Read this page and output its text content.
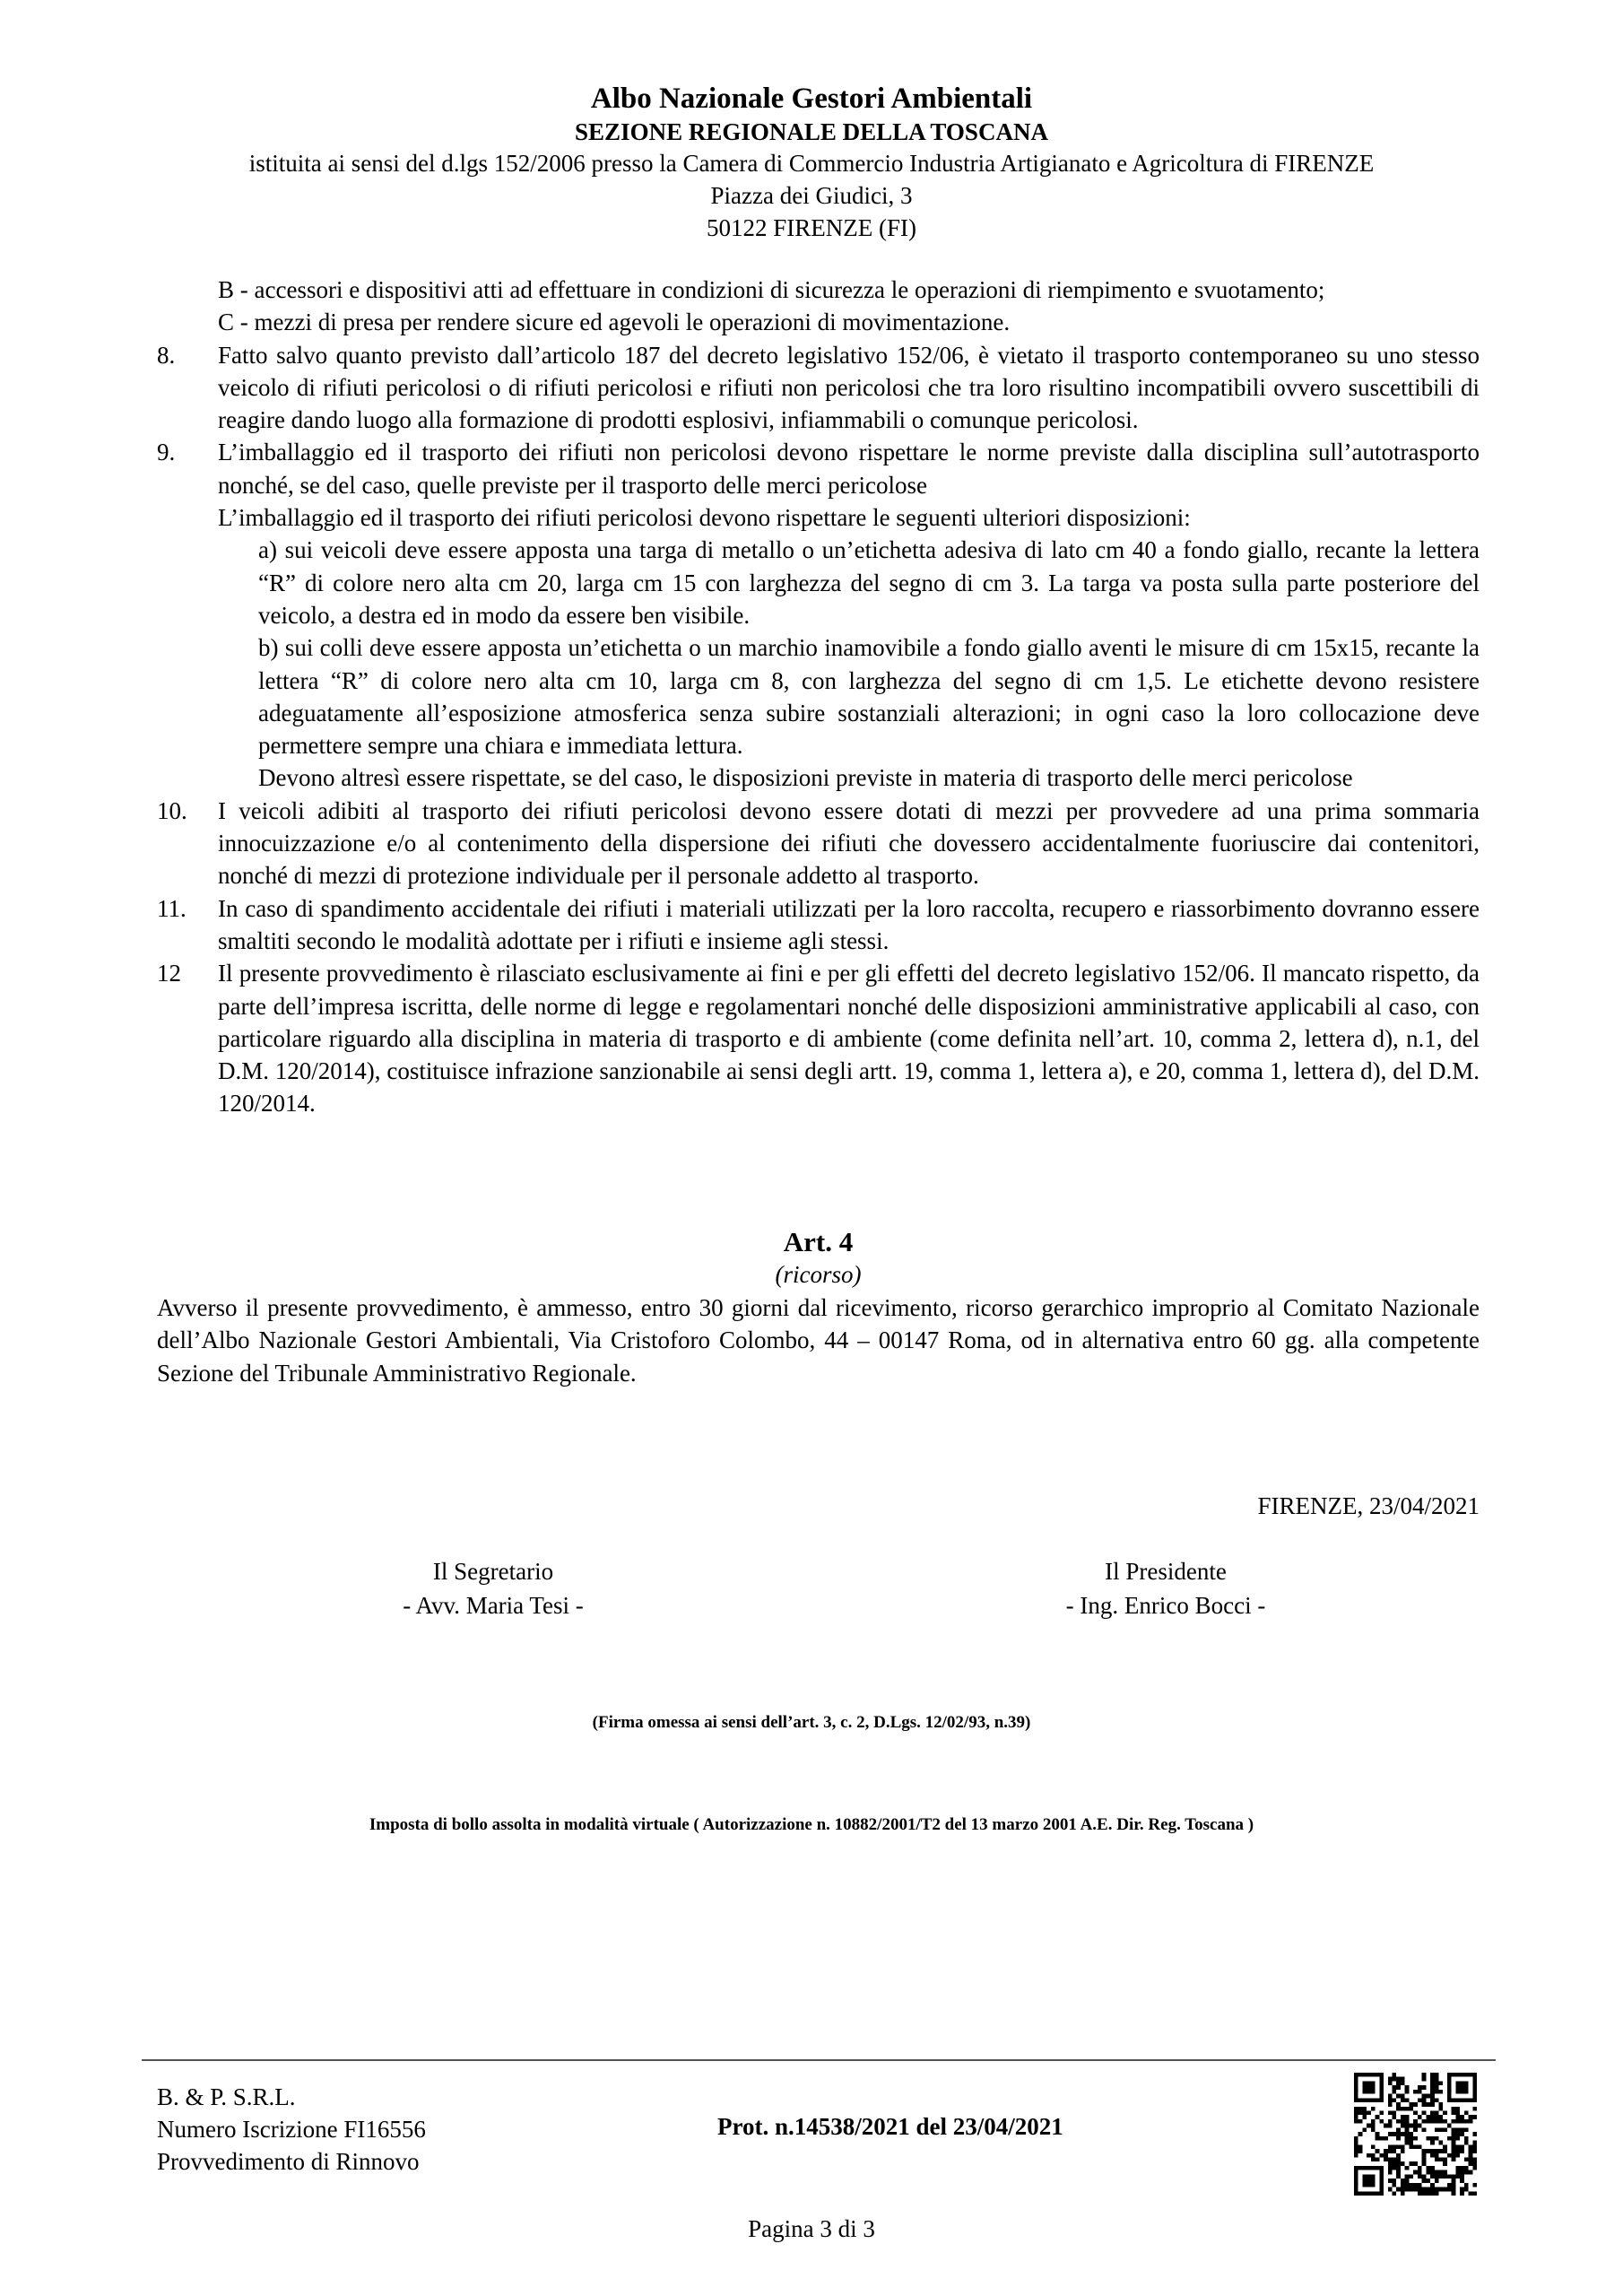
Albo Nazionale Gestori Ambientali
SEZIONE REGIONALE DELLA TOSCANA
istituita ai sensi del d.lgs 152/2006 presso la Camera di Commercio Industria Artigianato e Agricoltura di FIRENZE
Piazza dei Giudici, 3
50122 FIRENZE (FI)

B - accessori e dispositivi atti ad effettuare in condizioni di sicurezza le operazioni di riempimento e svuotamento;

C - mezzi di presa per rendere sicure ed agevoli le operazioni di movimentazione.

8. Fatto salvo quanto previsto dall’articolo 187 del decreto legislativo 152/06, è vietato il trasporto contemporaneo su uno stesso veicolo di rifiuti pericolosi o di rifiuti pericolosi e rifiuti non pericolosi che tra loro risultino incompatibili ovvero suscettibili di reagire dando luogo alla formazione di prodotti esplosivi, infiammabili o comunque pericolosi.

9. L’imballaggio ed il trasporto dei rifiuti non pericolosi devono rispettare le norme previste dalla disciplina sull’autotrasporto nonché, se del caso, quelle previste per il trasporto delle merci pericolose

L’imballaggio ed il trasporto dei rifiuti pericolosi devono rispettare le seguenti ulteriori disposizioni:

a) sui veicoli deve essere apposta una targa di metallo o un’etichetta adesiva di lato cm 40 a fondo giallo, recante la lettera “R” di colore nero alta cm 20, larga cm 15 con larghezza del segno di cm 3. La targa va posta sulla parte posteriore del veicolo, a destra ed in modo da essere ben visibile.

b) sui colli deve essere apposta un’etichetta o un marchio inamovibile a fondo giallo aventi le misure di cm 15x15, recante la lettera “R” di colore nero alta cm 10, larga cm 8, con larghezza del segno di cm 1,5. Le etichette devono resistere adeguatamente all’esposizione atmosferica senza subire sostanziali alterazioni; in ogni caso la loro collocazione deve permettere sempre una chiara e immediata lettura.

Devono altresì essere rispettate, se del caso, le disposizioni previste in materia di trasporto delle merci pericolose

10. I veicoli adibiti al trasporto dei rifiuti pericolosi devono essere dotati di mezzi per provvedere ad una prima sommaria innocuizzazione e/o al contenimento della dispersione dei rifiuti che dovessero accidentalmente fuoriuscire dai contenitori, nonché di mezzi di protezione individuale per il personale addetto al trasporto.

11. In caso di spandimento accidentale dei rifiuti i materiali utilizzati per la loro raccolta, recupero e riassorbimento dovranno essere smaltiti secondo le modalità adottate per i rifiuti e insieme agli stessi.

12 Il presente provvedimento è rilasciato esclusivamente ai fini e per gli effetti del decreto legislativo 152/06. Il mancato rispetto, da parte dell’impresa iscritta, delle norme di legge e regolamentari nonché delle disposizioni amministrative applicabili al caso, con particolare riguardo alla disciplina in materia di trasporto e di ambiente (come definita nell’art. 10, comma 2, lettera d), n.1, del D.M. 120/2014), costituisce infrazione sanzionabile ai sensi degli artt. 19, comma 1, lettera a), e 20, comma 1, lettera d), del D.M. 120/2014.

Art. 4
(ricorso)
Avverso il presente provvedimento, è ammesso, entro 30 giorni dal ricevimento, ricorso gerarchico improprio al Comitato Nazionale dell’Albo Nazionale Gestori Ambientali, Via Cristoforo Colombo, 44 – 00147 Roma, od in alternativa entro 60 gg. alla competente Sezione del Tribunale Amministrativo Regionale.
FIRENZE, 23/04/2021
Il Segretario
- Avv. Maria Tesi -
Il Presidente
- Ing. Enrico Bocci -
(Firma omessa ai sensi dell’art. 3, c. 2, D.Lgs. 12/02/93, n.39)
Imposta di bollo assolta in modalità virtuale ( Autorizzazione n. 10882/2001/T2 del 13 marzo 2001 A.E. Dir. Reg. Toscana )
B. & P. S.R.L.
Numero Iscrizione FI16556
Provvedimento di Rinnovo
Prot. n.14538/2021 del 23/04/2021
Pagina 3 di 3
